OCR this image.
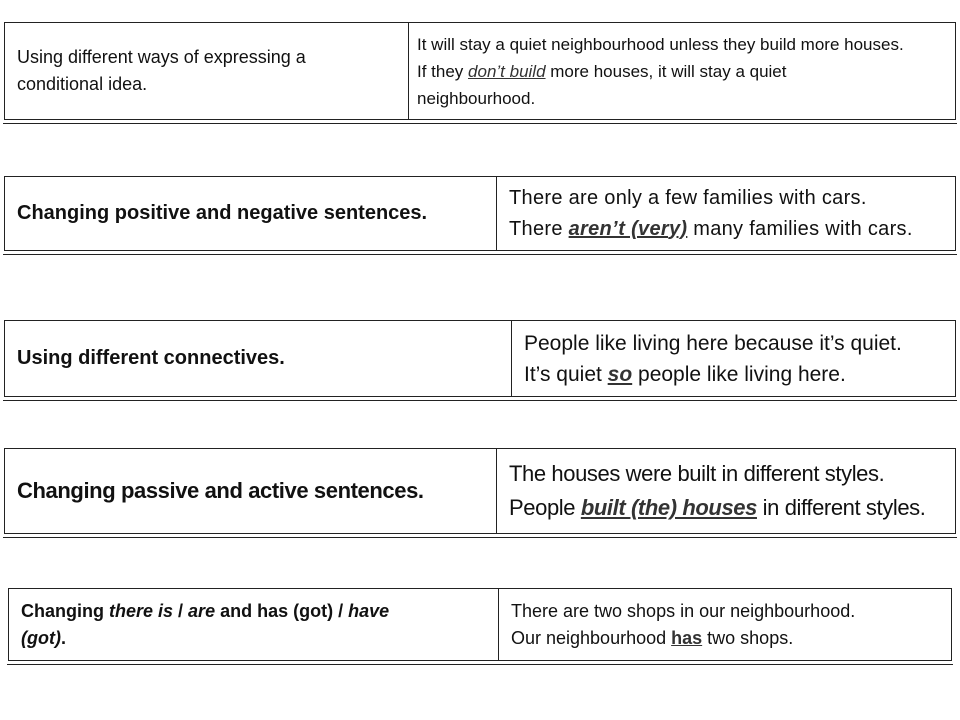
Using different ways of expressing a
conditional idea.
It will stay a quiet neighbourhood unless they build more houses.
If they don’t build more houses, it will stay a quiet
neighbourhood.
Changing positive and negative sentences.
There are only a few families with cars.
There aren’t (very) many families with cars.
Using different connectives.
People like living here because it’s quiet.
It’s quiet so people like living here.
Changing passive and active sentences.
The houses were built in different styles.
People built (the) houses in different styles.
Changing there is / are and has (got) / have
(got).
There are two shops in our neighbourhood.
Our neighbourhood has two shops.
